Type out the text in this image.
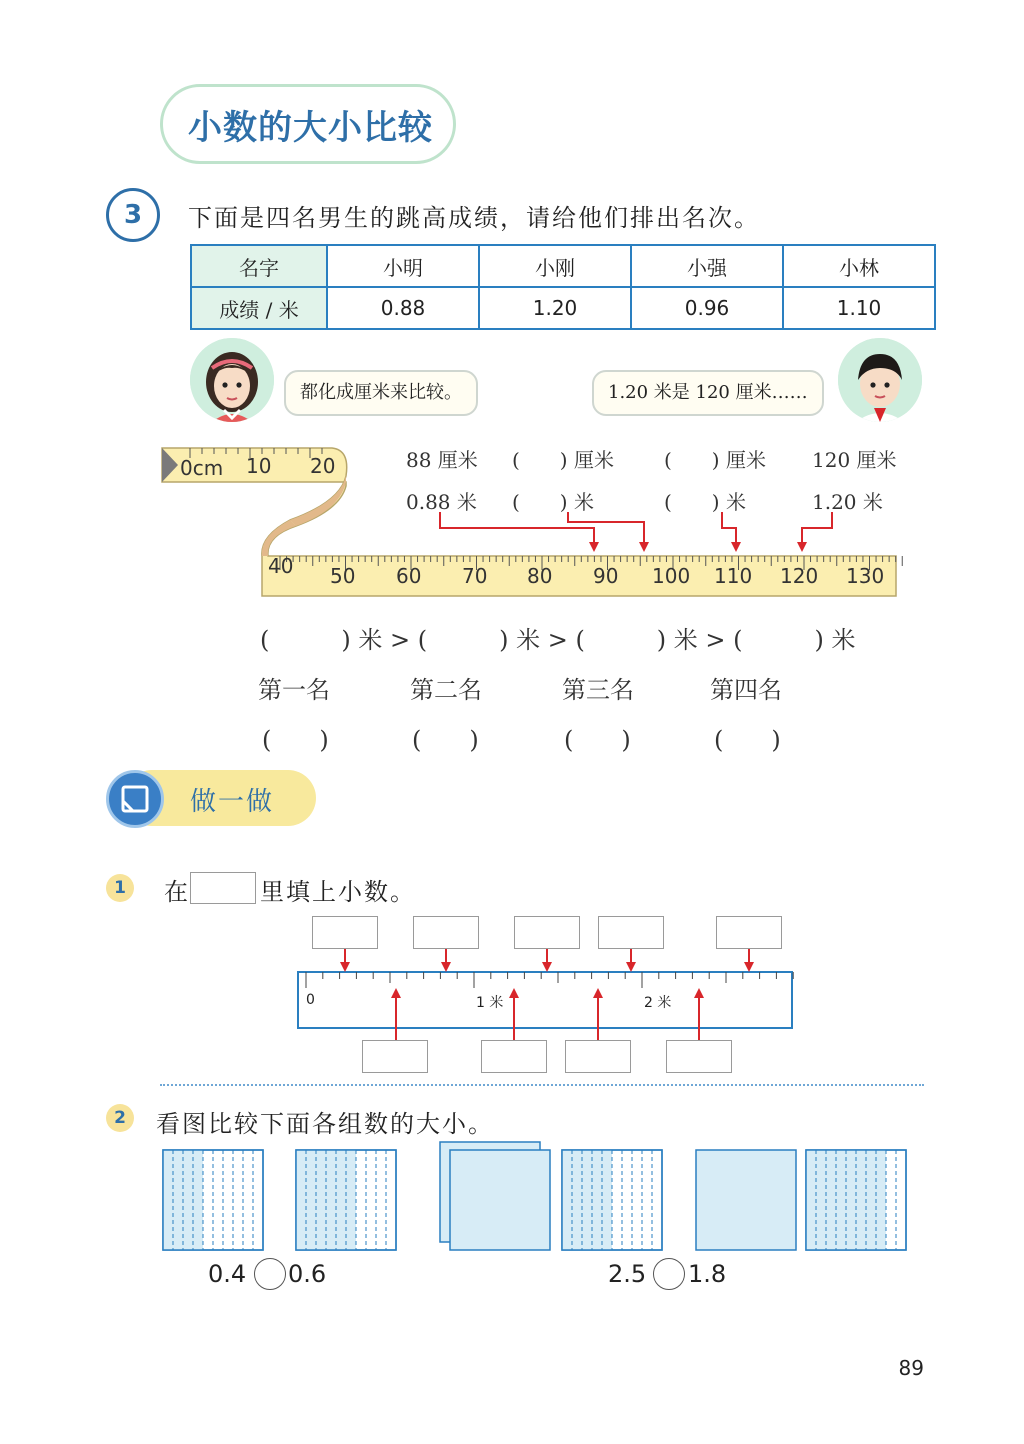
小数的大小比较
3	下面是四名男生的跳高成绩，请给他们排出名次。
名字	小明	小刚	小强	小林
成绩 / 米	0.88	1.20	0.96	1.10
都化成厘米来比较。	1.20 米是 120 厘米……
0cm 10 20
40 50 60 70 80 90 100 110 120 130
88 厘米 (　　) 厘米	(　　) 厘米 120 厘米
0.88 米 (　　) 米	(　　) 米	1.20 米
(　　　) 米 > (　　　) 米 > (　　　) 米 > (　　　) 米
第一名	第二名	第三名	第四名
(　　)	(　　)	(　　)	(　　)
做一做
1	在	里填上小数。
0	1 米	2 米
2	看图比较下面各组数的大小。
0.4 0.6	2.5 1.8
89
